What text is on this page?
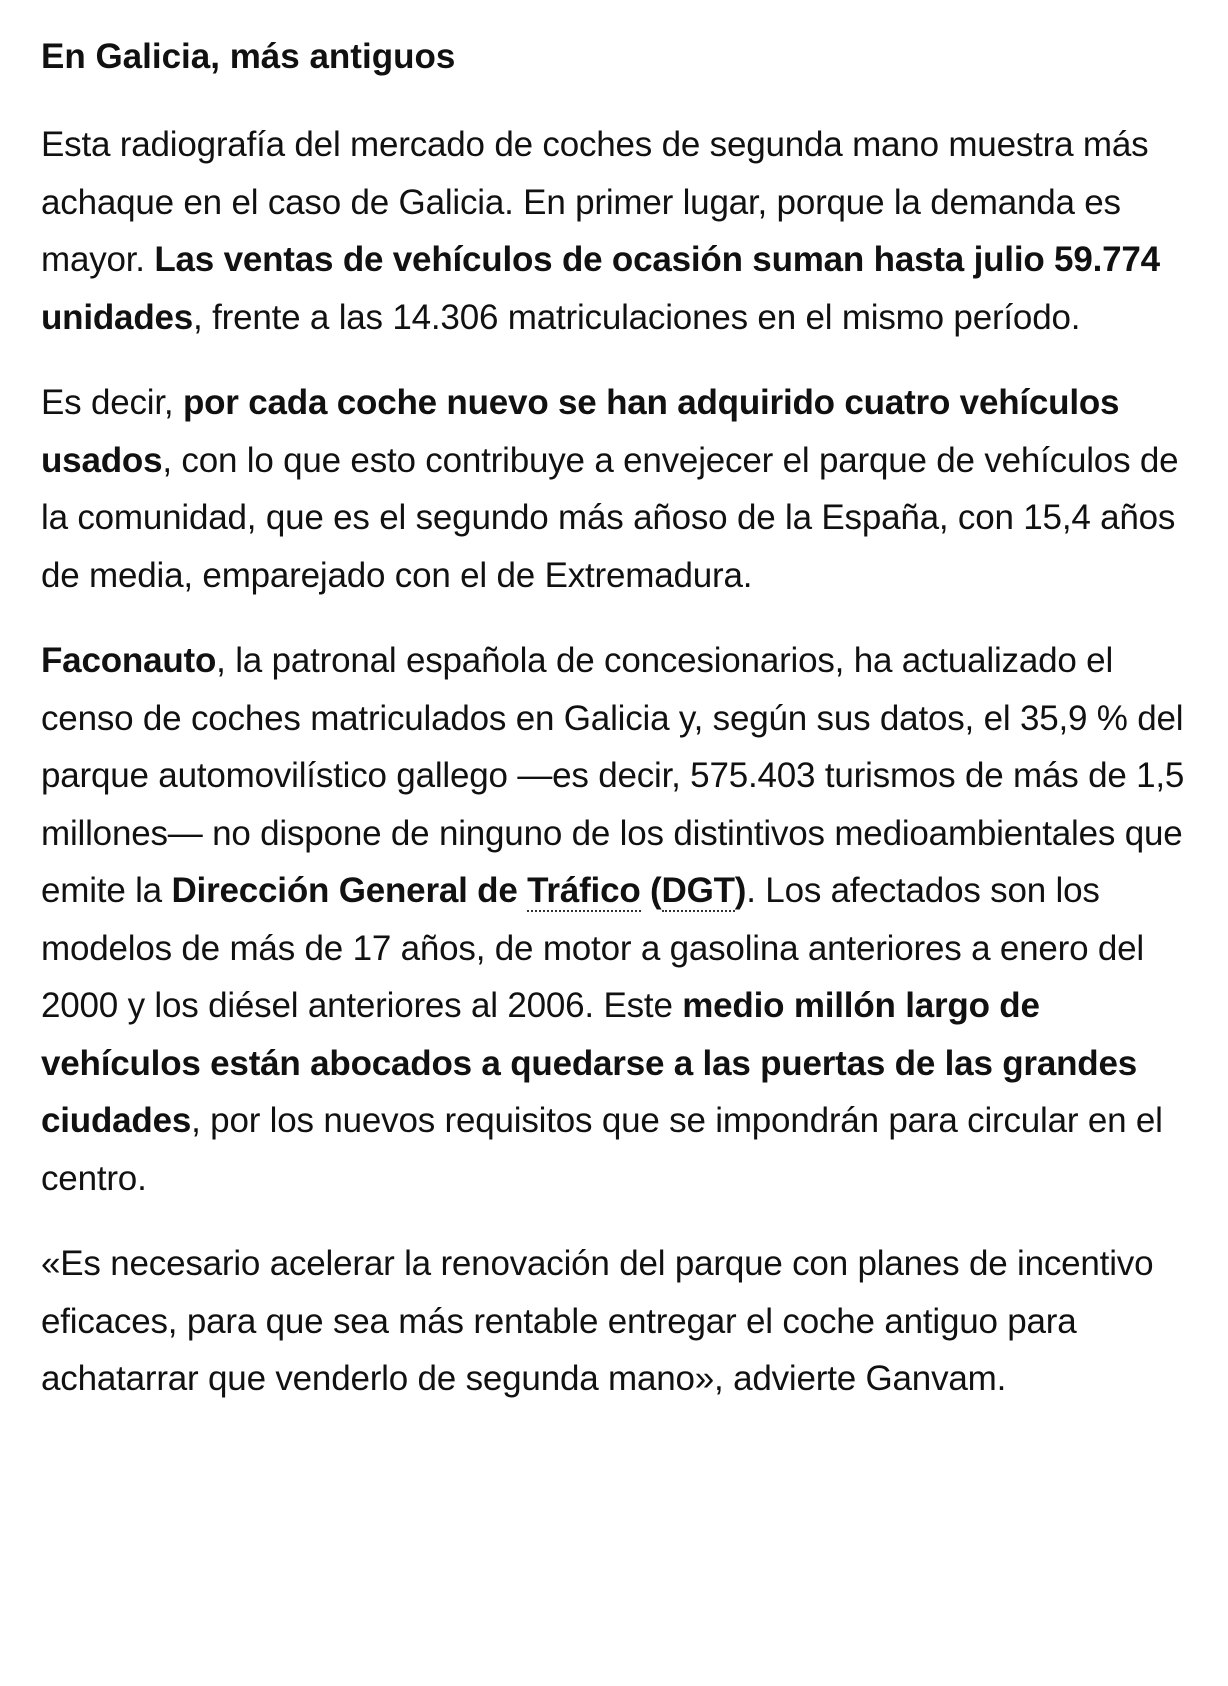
En Galicia, más antiguos

Esta radiografía del mercado de coches de segunda mano muestra más achaque en el caso de Galicia. En primer lugar, porque la demanda es mayor. Las ventas de vehículos de ocasión suman hasta julio 59.774 unidades, frente a las 14.306 matriculaciones en el mismo período.

Es decir, por cada coche nuevo se han adquirido cuatro vehículos usados, con lo que esto contribuye a envejecer el parque de vehículos de la comunidad, que es el segundo más añoso de la España, con 15,4 años de media, emparejado con el de Extremadura.

Faconauto, la patronal española de concesionarios, ha actualizado el censo de coches matriculados en Galicia y, según sus datos, el 35,9 % del parque automovilístico gallego —es decir, 575.403 turismos de más de 1,5 millones— no dispone de ninguno de los distintivos medioambientales que emite la Dirección General de Tráfico (DGT). Los afectados son los modelos de más de 17 años, de motor a gasolina anteriores a enero del 2000 y los diésel anteriores al 2006. Este medio millón largo de vehículos están abocados a quedarse a las puertas de las grandes ciudades, por los nuevos requisitos que se impondrán para circular en el centro.

«Es necesario acelerar la renovación del parque con planes de incentivo eficaces, para que sea más rentable entregar el coche antiguo para achatarrar que venderlo de segunda mano», advierte Ganvam.
